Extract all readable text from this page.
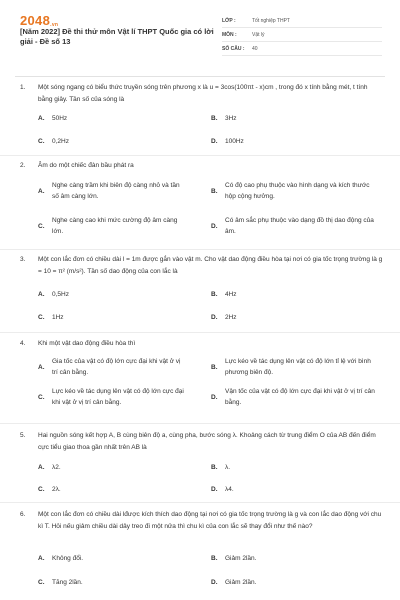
2048.vn
[Năm 2022] Đề thi thử môn Vật lí THPT Quốc gia có lời giải - Đề số 13
LỚP :	Tốt nghiệp THPT
MÔN :	Vật lý
SỐ CÂU :	40
1. Một sóng ngang có biểu thức truyền sóng trên phương x là u = 3cos(100πt - x)cm , trong đó x tính bằng mét, t tính bằng giây. Tần số của sóng là
A.	50Hz	B.	3Hz
C.	0,2Hz	D.	100Hz
2. Âm do một chiếc đàn bầu phát ra
A.
Nghe càng trầm khi biên độ càng nhỏ và tần số âm càng lớn.
B.
Có độ cao phụ thuộc vào hình dạng và kích thước hộp cộng hưởng.
C.
Nghe càng cao khi mức cường độ âm càng lớn.
D.
Có âm sắc phụ thuộc vào dạng đồ thị dao động của âm.
3. Một con lắc đơn có chiều dài l = 1m được gắn vào vật m. Cho vật dao động điều hòa tại nơi có gia tốc trọng trường là g = 10 = π² (m/s²). Tần số dao động của con lắc là
A.	0,5Hz	B.	4Hz
C.	1Hz	D.	2Hz
4. Khi một vật dao động điều hòa thì
A.
Gia tốc của vật có độ lớn cực đại khi vật ở vị trí cân bằng.
B.
Lực kéo về tác dụng lên vật có độ lớn tỉ lệ với bình phương biên độ.
C.
Lực kéo về tác dụng lên vật có độ lớn cực đại khi vật ở vị trí cân bằng.
D.
Vận tốc của vật có độ lớn cực đại khi vật ở vị trí cân bằng.
5. Hai nguồn sóng kết hợp A, B cùng biên độ a, cùng pha, bước sóng λ. Khoảng cách từ trung điểm O của AB đến điểm cực tiểu giao thoa gần nhất trên AB là
A.	λ2.	B.	λ.
C.	2λ.	D.	λ4.
6. Một con lắc đơn có chiều dài lđược kích thích dao động tại nơi có gia tốc trọng trường là g và con lắc dao động với chu kì T. Hỏi nếu giảm chiều dài dây treo đi một nửa thì chu kì của con lắc sẽ thay đổi như thế nào?
A.	Không đổi.	B.	Giảm 2lần.
C.	Tăng 2lần.	D.	Giảm 2lần.
